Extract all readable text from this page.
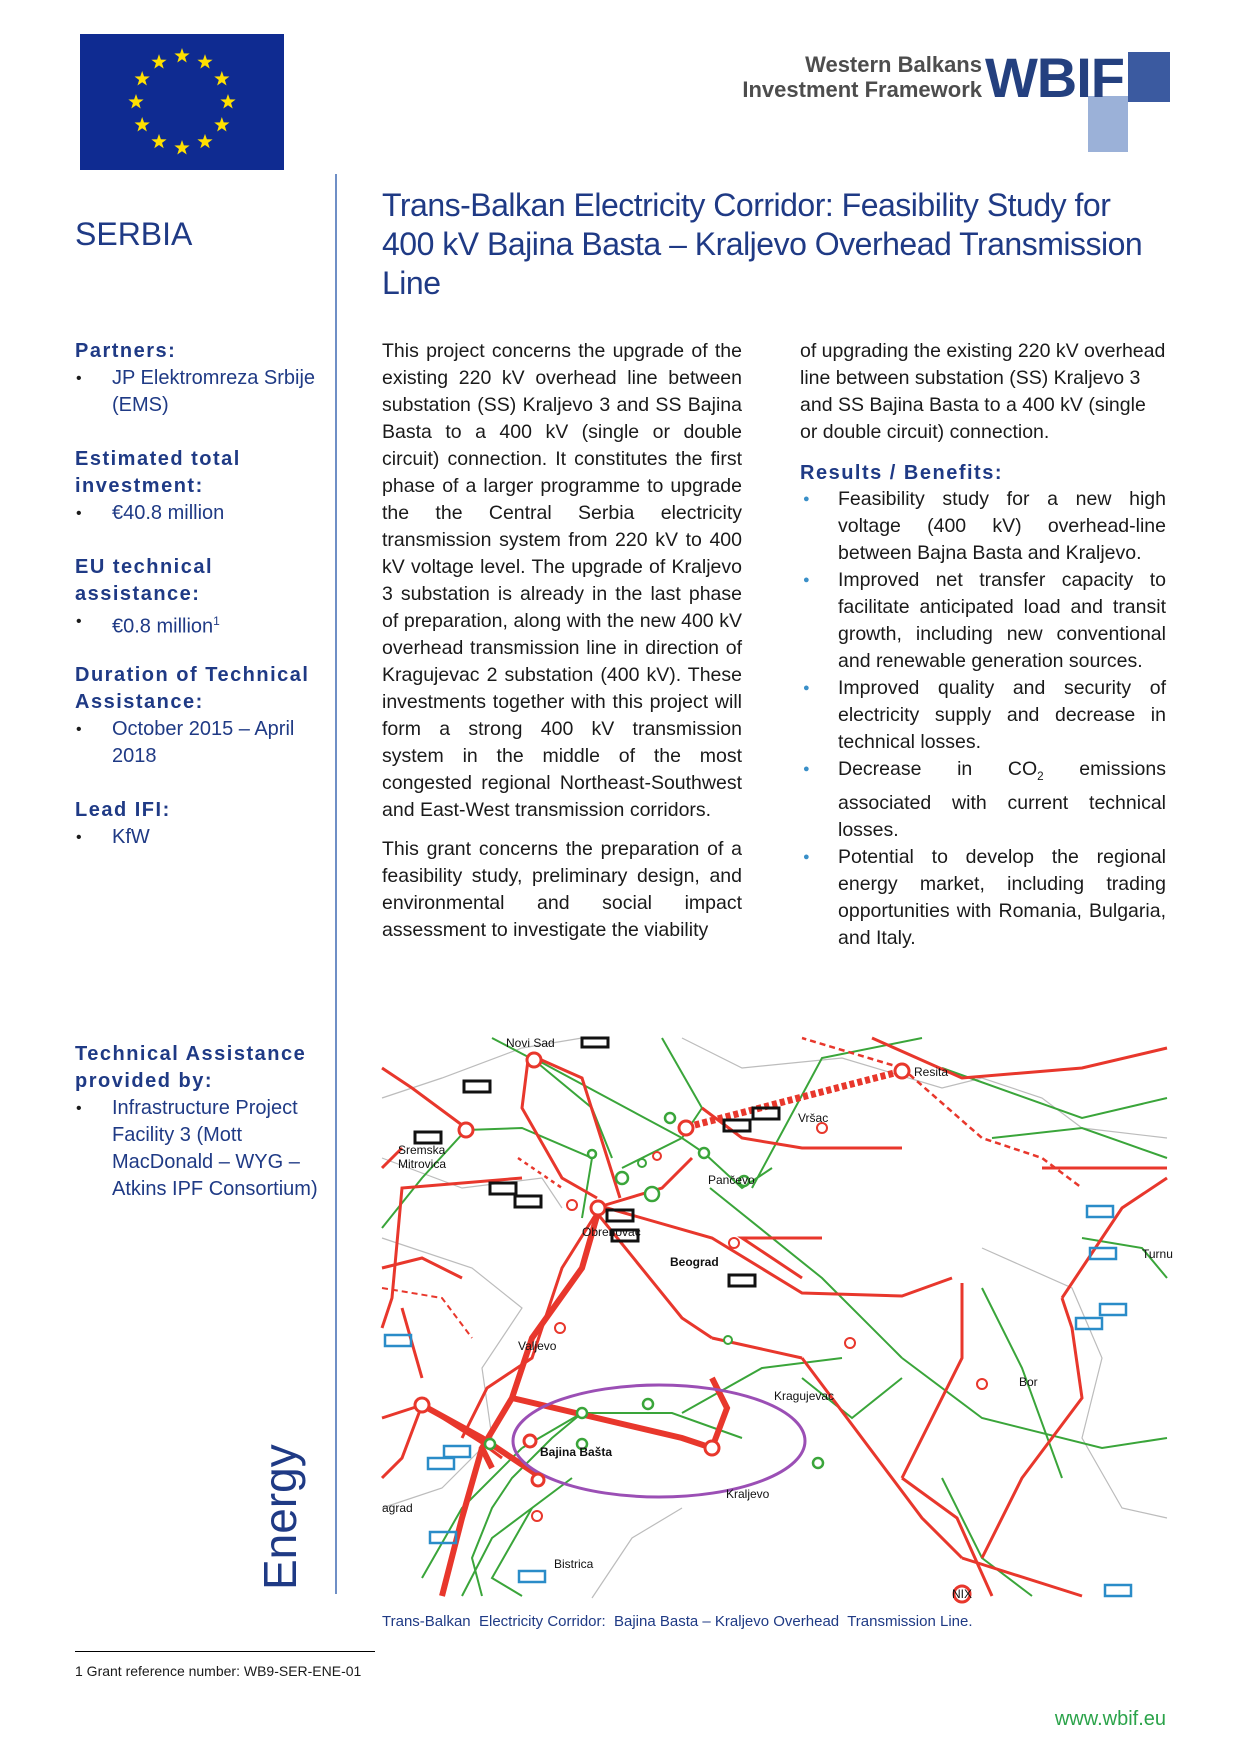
Western Balkans
Investment Framework WBIF
SERBIA
Trans-Balkan Electricity Corridor: Feasibility Study for 400 kV Bajina Basta – Kraljevo Overhead Transmission Line
Partners:
• JP Elektromreza Srbije (EMS)
Estimated total investment:
• €40.8 million
EU technical assistance:
• €0.8 million$^1$
Duration of Technical Assistance:
• October 2015 – April 2018
Lead IFI:
• KfW
Technical Assistance provided by:
• Infrastructure Project Facility 3 (Mott MacDonald – WYG – Atkins IPF Consortium)
Energy

This project concerns the upgrade of the existing 220 kV overhead line between substation (SS) Kraljevo 3 and SS Bajina Basta to a 400 kV (single or double circuit) connection. It constitutes the first phase of a larger programme to upgrade the the Central Serbia electricity transmission system from 220 kV to 400 kV voltage level. The upgrade of Kraljevo 3 substation is already in the last phase of preparation, along with the new 400 kV overhead transmission line in direction of Kragujevac 2 substation (400 kV). These investments together with this project will form a strong 400 kV transmission system in the middle of the most congested regional Northeast-Southwest and East-West transmission corridors.

This grant concerns the preparation of a feasibility study, preliminary design, and environmental and social impact assessment to investigate the viability

of upgrading the existing 220 kV overhead line between substation (SS) Kraljevo 3 and SS Bajina Basta to a 400 kV (single or double circuit) connection.

Results / Benefits:
● Feasibility study for a new high voltage (400 kV) overhead-line between Bajna Basta and Kraljevo.
● Improved net transfer capacity to facilitate anticipated load and transit growth, including new conventional and renewable generation sources.
● Improved quality and security of electricity supply and decrease in technical losses.
● Decrease in $CO_2$ emissions associated with current technical losses.
● Potential to develop the regional energy market, including trading opportunities with Romania, Bulgaria, and Italy.
Novi Sad
Resita
Vršac
Sremska
Mitrovica
Pančevo
Obrenovac
Beograd
Turnu
Valjevo
Bor
Kragujevac
Bajina Bašta
Kraljevo
agrad
Bistrica
NIX
Trans-Balkan  Electricity Corridor:  Bajina Basta – Kraljevo Overhead  Transmission Line.
1 Grant reference number: WB9-SER-ENE-01
www.wbif.eu
